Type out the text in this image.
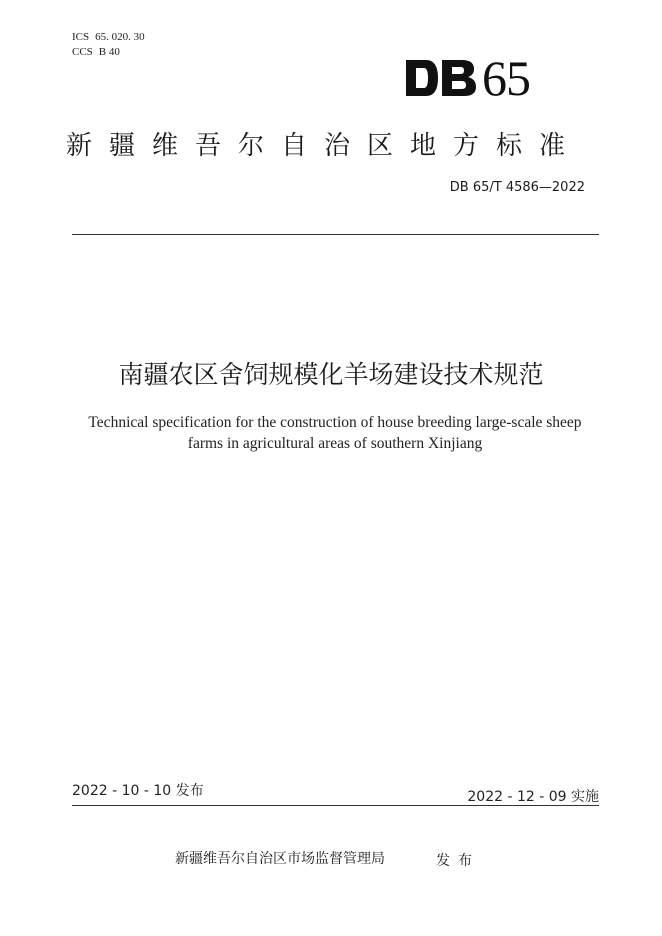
ICS 65. 020. 30
CCS B 40	65
新疆维吾尔自治区地方标准
DB 65/T 4586—2022
南疆农区舍饲规模化羊场建设技术规范
Technical specification for the construction of house breeding large-scale sheep
farms in agricultural areas of southern Xinjiang
2022 - 10 - 10 发布	2022 - 12 - 09 实施
新疆维吾尔自治区市场监督管理局	发布
